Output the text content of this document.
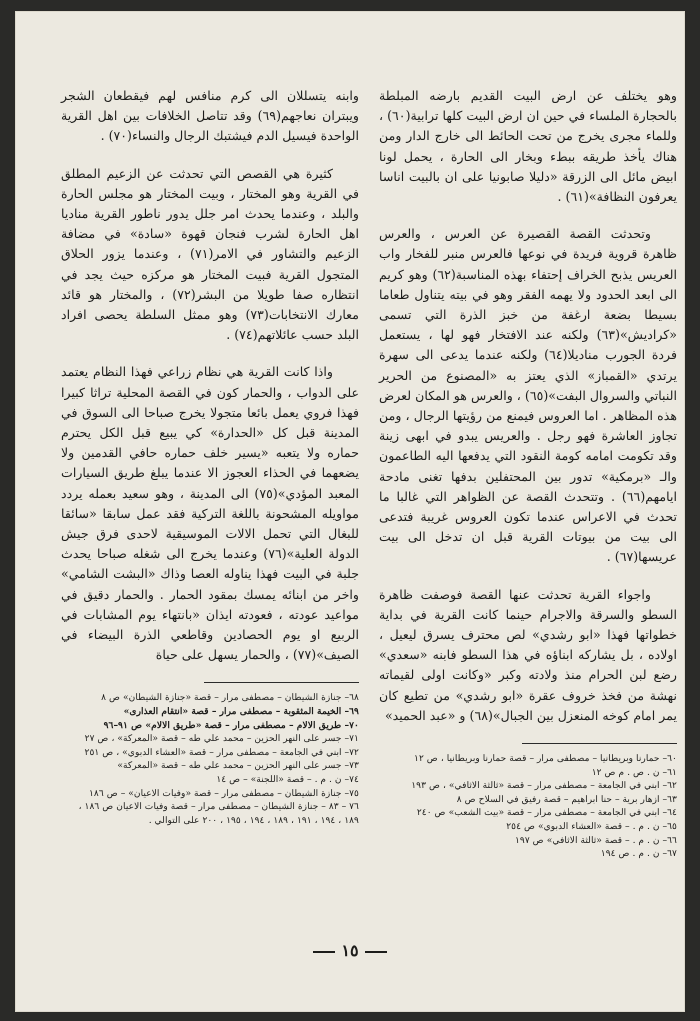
وهو يختلف عن ارض البيت القديم بارضه المبلطة بالحجارة الملساء في حين ان ارض البيت كلها ترابية(٦٠) ، وللماء مجرى يخرج من تحت الحائط الى خارج الدار ومن هناك يأخذ طريقه ببطء وبخار الى الحارة ، يحمل لونا ابيض مائل الى الزرقة «دليلا صابونيا على ان بالبيت اناسا يعرفون النظافة»(٦١) .

وتحدثت القصة القصيرة عن العرس ، والعرس ظاهرة قروية فريدة في نوعها فالعرس منبر للفخار واب العريس يذبح الخراف إحتفاء بهذه المناسبة(٦٢) وهو كريم الى ابعد الحدود ولا يهمه الفقر وهو في بيته يتناول طعاما بسيطا بضعة ارغفة من خبز الذرة التي تسمى «كراديش»(٦٣) ولكنه عند الافتخار فهو لها ، يستعمل فردة الجورب مناديلا(٦٤) ولكنه عندما يدعى الى سهرة يرتدي «القمباز» الذي يعتز به «المصنوع من الحرير النباتي والسروال البفت»(٦٥) ، والعرس هو المكان لعرض هذه المظاهر . اما العروس فيمنع من رؤيتها الرجال ، ومن تجاوز العاشرة فهو رجل . والعريس يبدو في ابهى زينة وقد تكومت امامه كومة النقود التي يدفعها اليه الطاعمون والـ «برمكية» تدور بين المحتفلين بدفها تغنى مادحة ايامهم(٦٦) . وتتحدث القصة عن الظواهر التي غالبا ما تحدث في الاعراس عندما تكون العروس غريبة فتدعى الى بيت من بيوتات القرية قبل ان تدخل الى بيت عريسها(٦٧) .

واجواء القرية تحدثت عنها القصة فوصفت ظاهرة السطو والسرقة والاجرام حينما كانت القرية في بداية خطواتها فهذا «ابو رشدي» لص محترف يسرق ليعيل ، اولاده ، بل يشاركه ابناؤه في هذا السطو فابنه «سعدي» رضع لبن الحرام منذ ولادته وكبر «وكانت اولى لقيماته نهشة من فخذ خروف عقرة «ابو رشدي» من تطيع كان يمر امام كوخه المنعزل بين الجبال»(٦٨) و «عبد الحميد»

٦٠– حمارنا وبريطانيا – مصطفى مرار – قصة حمارنا وبريطانيا ، ص ١٢
٦١– ن . ص . م ص ١٢
٦٢– ابني في الجامعة – مصطفى مرار – قصة «ثالثة الاثافي» ، ص ١٩٣
٦٣– ازهار برية – حنا ابراهيم – قصة رفيق في السلاح ص ٨
٦٤– ابني في الجامعة – مصطفى مرار – قصة «بيت الشعب» ص ٢٤٠
٦٥– ن . م . – قصة «العشاء الدبوي» ص ٢٥٤
٦٦– ن . م . – قصة «ثالثة الاثافي» ص ١٩٧
٦٧– ن . م . ص ١٩٤

وابنه يتسللان الى كرم منافس لهم فيقطعان الشجر ويبتران نعاجهم(٦٩) وقد تتاصل الخلافات بين اهل القرية الواحدة فيسيل الدم فيشتبك الرجال والنساء(٧٠) .

كثيرة هي القصص التي تحدثت عن الزعيم المطلق في القرية وهو المختار ، وبيت المختار هو مجلس الحارة والبلد ، وعندما يحدث امر جلل يدور ناطور القرية مناديا اهل الحارة لشرب فنجان قهوة «سادة» في مضافة الزعيم والتشاور في الامر(٧١) ، وعندما يزور الحلاق المتجول القرية فبيت المختار هو مركزه حيث يجد في انتظاره صفا طويلا من البشر(٧٢) ، والمختار هو قائد معارك الانتخابات(٧٣) وهو ممثل السلطة يحصى افراد البلد حسب عائلاتهم(٧٤) .

واذا كانت القرية هي نظام زراعي فهذا النظام يعتمد على الدواب ، والحمار كون في القصة المحلية تراثا كبيرا فهذا فروي يعمل بائعا متجولا يخرج صباحا الى السوق في المدينة قبل كل «الحدارة» كي يبيع قبل الكل يحترم حماره ولا يتعبه «يسير خلف حماره حافي القدمين ولا يضعهما في الحذاء العجوز الا عندما يبلغ طريق السيارات المعبد المؤدي»(٧٥) الى المدينة ، وهو سعيد بعمله يردد مواويله المشحونة باللغة التركية فقد عمل سابقا «سائقا للبغال التي تحمل الالات الموسيقية لاحدى فرق جيش الدولة العلية»(٧٦) وعندما يخرج الى شغله صباحا يحدث جلبة في البيت فهذا يناوله العصا وذاك «البشت الشامي» واخر من ابنائه يمسك بمقود الحمار . والحمار دقيق في مواعيد عودته ، فعودته ايذان «بانتهاء يوم المشابات في الربيع او يوم الحصادين وقاطعي الذرة البيضاء في الصيف»(٧٧) ، والحمار يسهل على حياة

٦٨– جنازة الشيطان – مصطفى مرار – قصة «جنازة الشيطان» ص ٨
٦٩– الخيمة المثقوبة – مصطفى مرار – قصة «انتقام العذارى»
٧٠– طريق الالام – مصطفى مرار – قصة «طريق الالام» ص ٩١–٩٦
٧١– جسر على النهر الحزين – محمد علي طه – قصة «المعركة» ، ص ٢٧
٧٢– ابني في الجامعة – مصطفى مرار – قصة «العشاء الدبوي» ، ص ٢٥١
٧٣– جسر على النهر الحزين – محمد علي طه – قصة «المعركة»
٧٤– ن . م . – قصة «اللجنة» – ص ١٤
٧٥– جنازة الشيطان – مصطفى مرار – قصة «وفيات الاعيان» – ص ١٨٦
٧٦ – ٨٣ – جنازة الشيطان – مصطفى مرار – قصة وفيات الاعيان ص ١٨٦ ، ١٨٩ ، ١٩٤ ، ١٩١ ، ١٨٩ ، ١٩٤ ، ١٩٥ ، ٢٠٠ على التوالي .
١٥
